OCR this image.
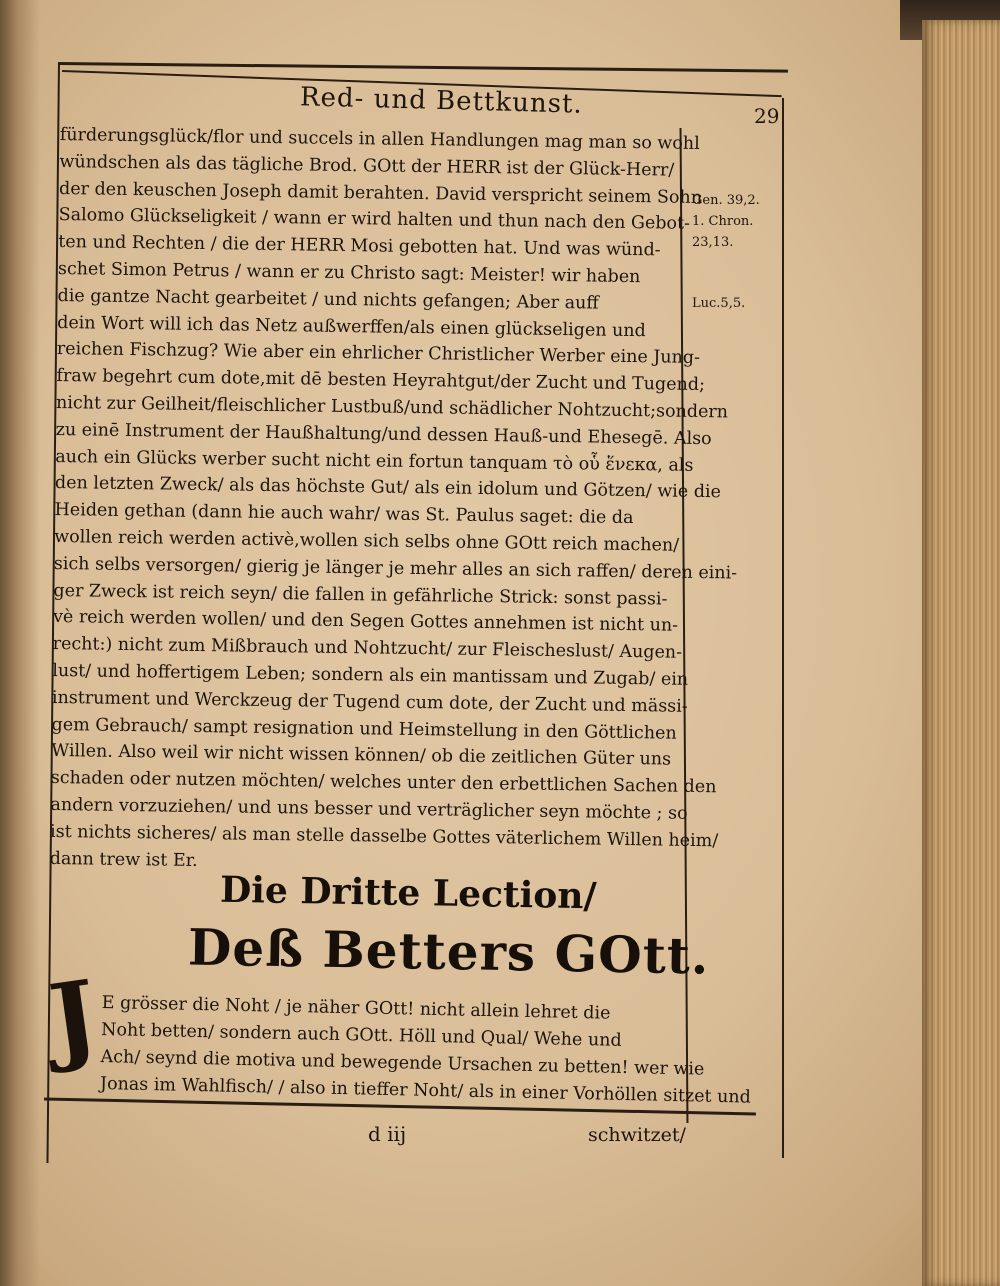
Red- und Bettkunst.	29
fürderungsglück/flor und succels in allen Handlungen mag man so wohl
wündschen als das tägliche Brod. GOtt der HERR ist der Glück-Herr/
der den keuschen Joseph damit berahten. David verspricht seinem Sohn
Salomo Glückseligkeit / wann er wird halten und thun nach den Gebot-
ten und Rechten / die der HERR Mosi gebotten hat. Und was wünd-
schet Simon Petrus / wann er zu Christo sagt: Meister! wir haben
die gantze Nacht gearbeitet / und nichts gefangen; Aber auff
dein Wort will ich das Netz außwerffen/als einen glückseligen und
reichen Fischzug? Wie aber ein ehrlicher Christlicher Werber eine Jung-
fraw begehrt cum dote,mit dē besten Heyrahtgut/der Zucht und Tugend;
nicht zur Geilheit/fleischlicher Lustbuß/und schädlicher Nohtzucht;sondern
zu einē Instrument der Haußhaltung/und dessen Hauß-und Ehesegē. Also
auch ein Glücks werber sucht nicht ein fortun tanquam τὸ οὗ ἕνεκα, als
den letzten Zweck/ als das höchste Gut/ als ein idolum und Götzen/ wie die
Heiden gethan (dann hie auch wahr/ was St. Paulus saget: die da
wollen reich werden activè,wollen sich selbs ohne GOtt reich machen/
sich selbs versorgen/ gierig je länger je mehr alles an sich raffen/ deren eini-
ger Zweck ist reich seyn/ die fallen in gefährliche Strick: sonst passi-
vè reich werden wollen/ und den Segen Gottes annehmen ist nicht un-
recht:) nicht zum Mißbrauch und Nohtzucht/ zur Fleischeslust/ Augen-
lust/ und hoffertigem Leben; sondern als ein mantissam und Zugab/ ein
instrument und Werckzeug der Tugend cum dote, der Zucht und mässi-
gem Gebrauch/ sampt resignation und Heimstellung in den Göttlichen
Willen. Also weil wir nicht wissen können/ ob die zeitlichen Güter uns
schaden oder nutzen möchten/ welches unter den erbettlichen Sachen den
andern vorzuziehen/ und uns besser und verträglicher seyn möchte ; so
ist nichts sicheres/ als man stelle dasselbe Gottes väterlichem Willen heim/
dann trew ist Er.
Gen. 39,2.
1. Chron.
23,13.
Luc.5,5.
Die Dritte Lection/
Deß Betters GOtt.
J
E grösser die Noht / je näher GOtt! nicht allein lehret die
Noht betten/ sondern auch GOtt. Höll und Qual/ Wehe und
Ach/ seynd die motiva und bewegende Ursachen zu betten! wer wie
Jonas im Wahlfisch/ / also in tieffer Noht/ als in einer Vorhöllen sitzet und
d iij	schwitzet/
